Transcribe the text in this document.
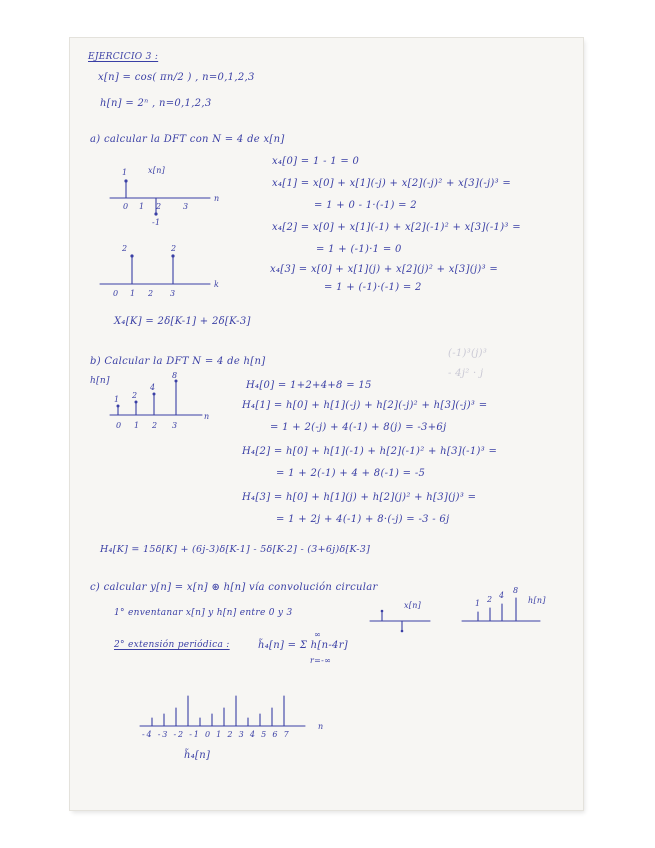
EJERCICIO 3 :
x[n] = cos( πn/2 ) , n=0,1,2,3
h[n] = 2ⁿ , n=0,1,2,3
a) calcular la DFT con N = 4 de x[n]
x[n]
1
-1
0 1 2	3
n
2	2
0 1 2 3
k
x₄[0] = 1 - 1 = 0
x₄[1] = x[0] + x[1](-j) + x[2](-j)² + x[3](-j)³ =
= 1 + 0 - 1·(-1) = 2
x₄[2] = x[0] + x[1](-1) + x[2](-1)² + x[3](-1)³ =
= 1 + (-1)·1 = 0
x₄[3] = x[0] + x[1](j) + x[2](j)² + x[3](j)³ =
= 1 + (-1)·(-1) = 2
X₄[K] = 2δ[K-1] + 2δ[K-3]
b) Calcular la DFT N = 4 de h[n]
(-1)³(j)³
- 4j² · j
h[n]
1 2
4
8
0 1 2 3
n
H₄[0] = 1+2+4+8 = 15
H₄[1] = h[0] + h[1](-j) + h[2](-j)² + h[3](-j)³ =
= 1 + 2(-j) + 4(-1) + 8(j) = -3+6j
H₄[2] = h[0] + h[1](-1) + h[2](-1)² + h[3](-1)³ =
= 1 + 2(-1) + 4 + 8(-1) = -5
H₄[3] = h[0] + h[1](j) + h[2](j)² + h[3](j)³ =
= 1 + 2j + 4(-1) + 8·(-j) = -3 - 6j
H₄[K] = 15δ[K] + (6j-3)δ[K-1] - 5δ[K-2] - (3+6j)δ[K-3]
c) calcular y[n] = x[n] ⊛ h[n] vía convolución circular
1° enventanar x[n] y h[n] entre 0 y 3
x[n]
h[n]
1 2 4
8
2° extensión periódica :	h̃₄[n] = Σ h[n-4r]
∞
r=-∞
-4 -3 -2 -1 0 1 2 3 4 5 6 7
n
h̃₄[n]
